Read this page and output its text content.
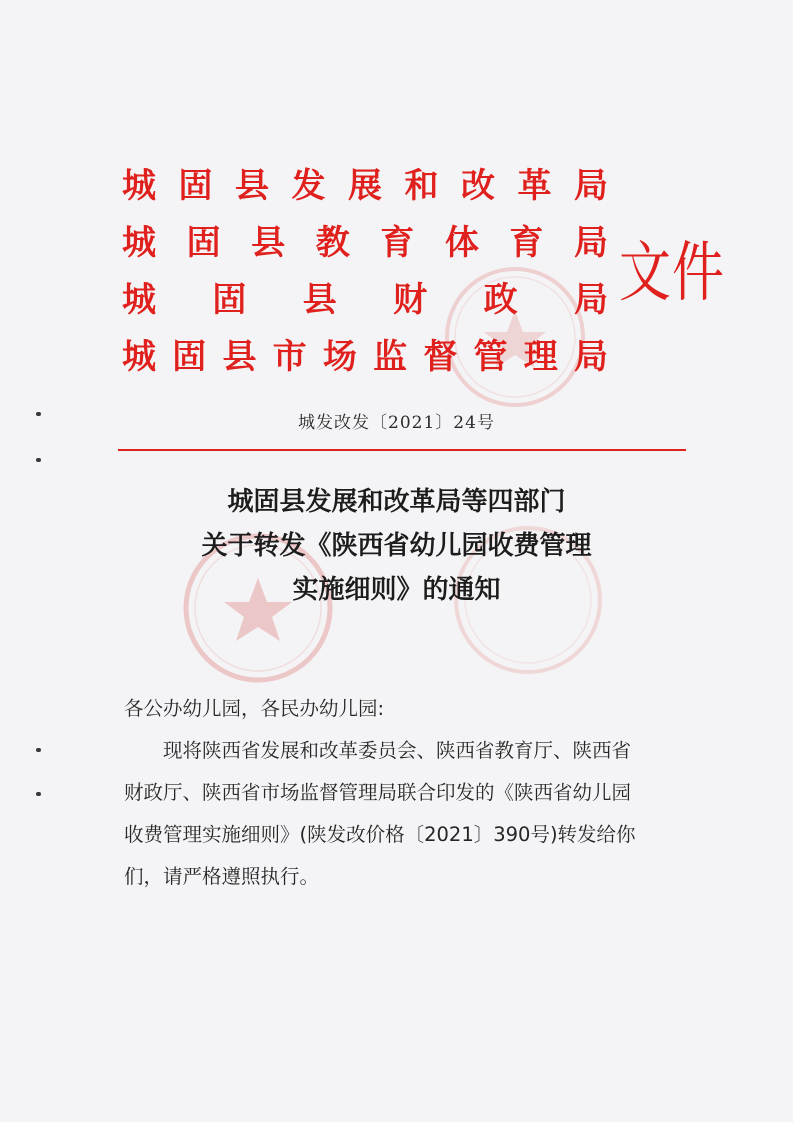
城 固 县 发 展 和 改 革 局
城 固 县 教 育 体 育 局
城 固 县 财 政 局
城 固 县 市 场 监 督 管 理 局
文件
城发改发〔2021〕24号
城固县发展和改革局等四部门
关于转发《陕西省幼儿园收费管理
实施细则》的通知
各公办幼儿园，各民办幼儿园:
现将陕西省发展和改革委员会、陕西省教育厅、陕西省
财政厅、陕西省市场监督管理局联合印发的《陕西省幼儿园
收费管理实施细则》(陕发改价格〔2021〕390号)转发给你
们，请严格遵照执行。
